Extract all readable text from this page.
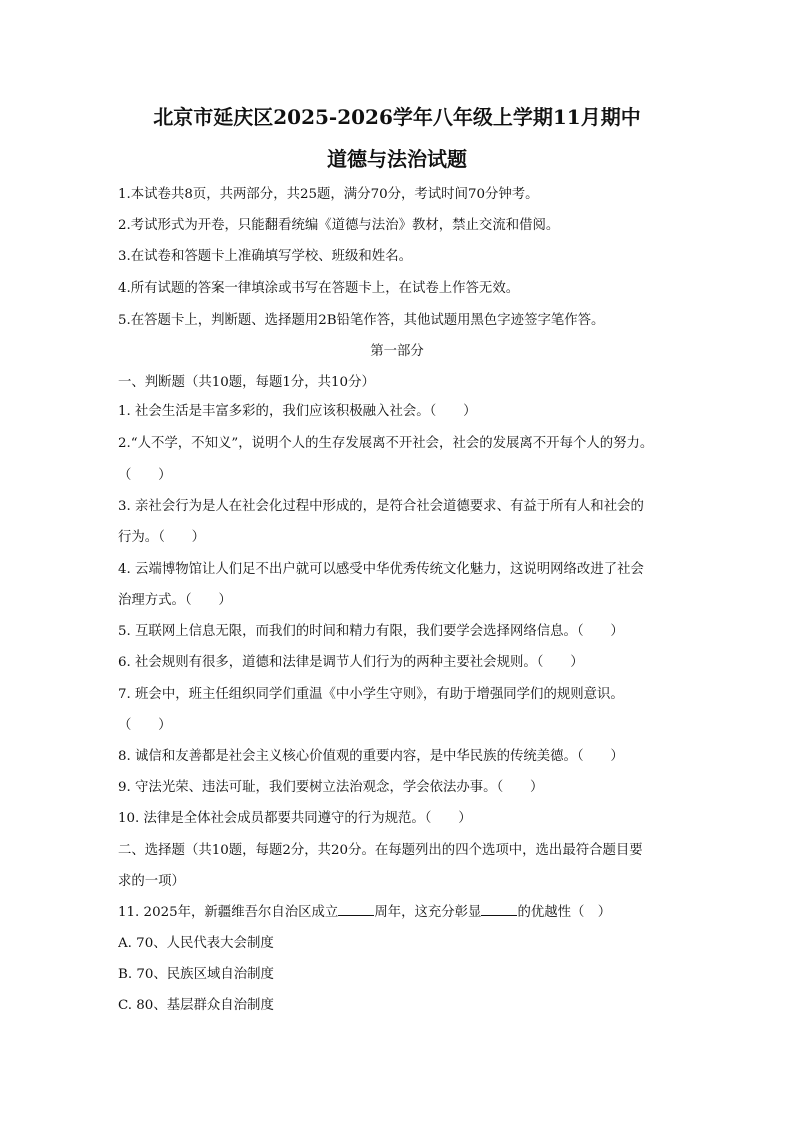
北京市延庆区2025-2026学年八年级上学期11月期中
道德与法治试题
1.本试卷共8页，共两部分，共25题，满分70分，考试时间70分钟考。
2.考试形式为开卷，只能翻看统编《道德与法治》教材，禁止交流和借阅。
3.在试卷和答题卡上准确填写学校、班级和姓名。
4.所有试题的答案一律填涂或书写在答题卡上，在试卷上作答无效。
5.在答题卡上，判断题、选择题用2B铅笔作答，其他试题用黑色字迹签字笔作答。
第一部分
一、判断题（共10题，每题1分，共10分）
1. 社会生活是丰富多彩的，我们应该积极融入社会。（　　）
2.“人不学，不知义”，说明个人的生存发展离不开社会，社会的发展离不开每个人的努力。
（　　）
3. 亲社会行为是人在社会化过程中形成的，是符合社会道德要求、有益于所有人和社会的
行为。（　　）
4. 云端博物馆让人们足不出户就可以感受中华优秀传统文化魅力，这说明网络改进了社会
治理方式。（　　）
5. 互联网上信息无限，而我们的时间和精力有限，我们要学会选择网络信息。（　　）
6. 社会规则有很多，道德和法律是调节人们行为的两种主要社会规则。（　　）
7. 班会中，班主任组织同学们重温《中小学生守则》，有助于增强同学们的规则意识。
（　　）
8. 诚信和友善都是社会主义核心价值观的重要内容，是中华民族的传统美德。（　　）
9. 守法光荣、违法可耻，我们要树立法治观念，学会依法办事。（　　）
10. 法律是全体社会成员都要共同遵守的行为规范。（　　）
二、选择题（共10题，每题2分，共20分。在每题列出的四个选项中，选出最符合题目要
求的一项）
11. 2025年，新疆维吾尔自治区成立	周年，这充分彰显	的优越性（　）
A. 70、人民代表大会制度
B. 70、民族区域自治制度
C. 80、基层群众自治制度
